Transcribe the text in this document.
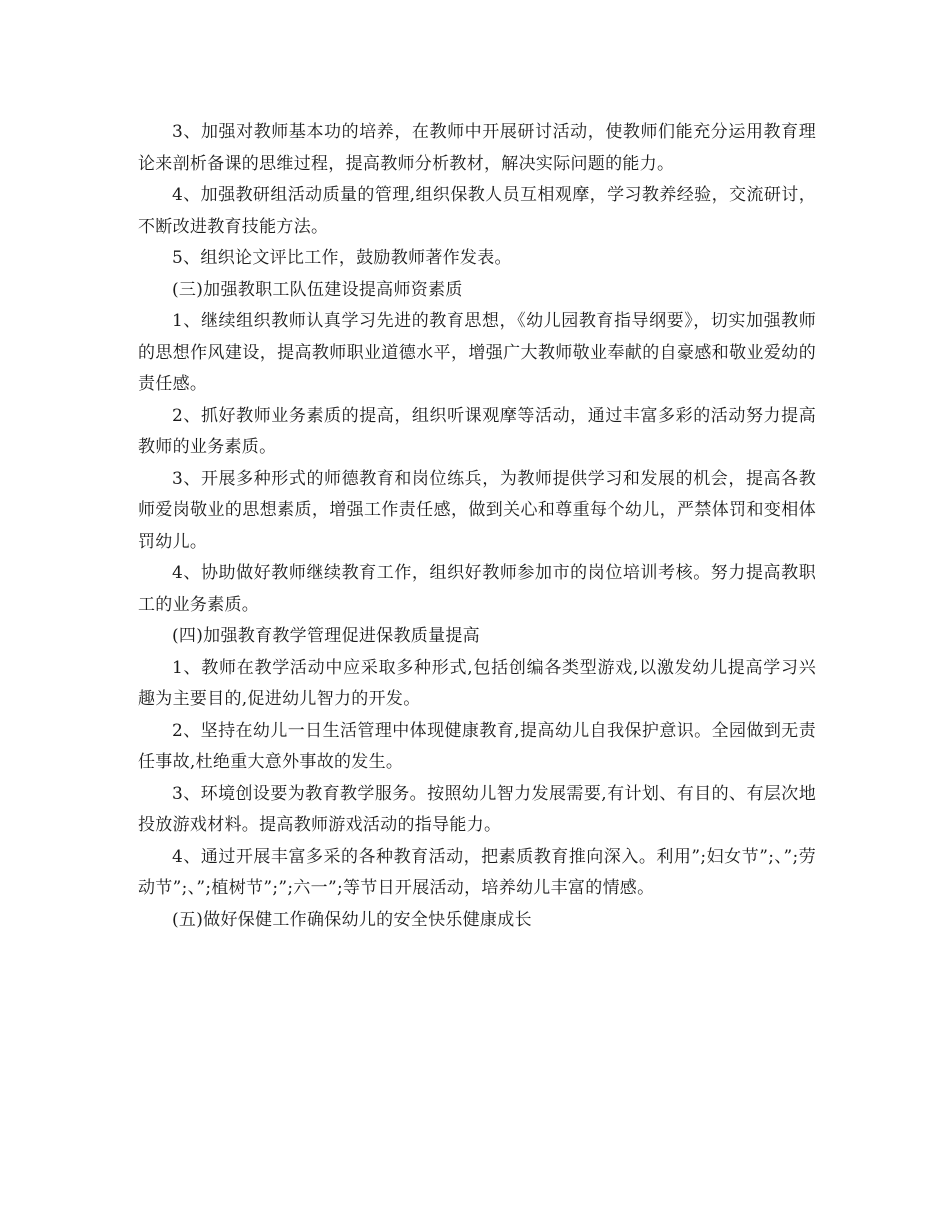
3、加强对教师基本功的培养，在教师中开展研讨活动，使教师们能充分运用教育理论来剖析备课的思维过程，提高教师分析教材，解决实际问题的能力。

4、加强教研组活动质量的管理,组织保教人员互相观摩，学习教养经验，交流研讨，不断改进教育技能方法。

5、组织论文评比工作，鼓励教师著作发表。

(三)加强教职工队伍建设提高师资素质

1、继续组织教师认真学习先进的教育思想，《幼儿园教育指导纲要》，切实加强教师的思想作风建设，提高教师职业道德水平，增强广大教师敬业奉献的自豪感和敬业爱幼的责任感。

2、抓好教师业务素质的提高，组织听课观摩等活动，通过丰富多彩的活动努力提高教师的业务素质。

3、开展多种形式的师德教育和岗位练兵，为教师提供学习和发展的机会，提高各教师爱岗敬业的思想素质，增强工作责任感，做到关心和尊重每个幼儿，严禁体罚和变相体罚幼儿。

4、协助做好教师继续教育工作，组织好教师参加市的岗位培训考核。努力提高教职工的业务素质。

(四)加强教育教学管理促进保教质量提高

1、教师在教学活动中应采取多种形式,包括创编各类型游戏,以激发幼儿提高学习兴趣为主要目的,促进幼儿智力的开发。

2、坚持在幼儿一日生活管理中体现健康教育,提高幼儿自我保护意识。全园做到无责任事故,杜绝重大意外事故的发生。

3、环境创设要为教育教学服务。按照幼儿智力发展需要,有计划、有目的、有层次地投放游戏材料。提高教师游戏活动的指导能力。

4、通过开展丰富多采的各种教育活动，把素质教育推向深入。利用”;妇女节”;、”;劳动节”;、”;植树节”;”;六一”;等节日开展活动，培养幼儿丰富的情感。

(五)做好保健工作确保幼儿的安全快乐健康成长
